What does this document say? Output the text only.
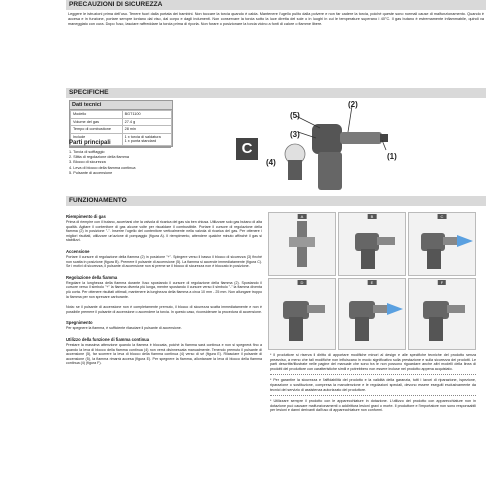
PRECAUZIONI DI SICUREZZA

Leggere le istruzioni prima dell'uso. Tenere fuori dalla portata dei bambini. Non toccare la torcia quando è calda. Mantenere l'ugello pulito dalla polvere e non far cadere la torcia, poiché queste sono normali cause di malfunzionamento. Quando è accesa e in funzione, portare sempre lontano dal viso, dal corpo e dagli indumenti. Non conservare la torcia sotto la luce diretta del sole o in luoghi in cui le temperature superano i 40°C. Il gas butano è estremamente infiammabile, quindi va maneggiato con cura. Dopo l'uso, lasciare raffreddare la torcia prima di riporla. Non forare o posizionare la torcia vicino a fonti di calore o fiamme libere.

SPECIFICHE
Dati tecnici
Modello	BGT1100
Volume del gas	27.4 g
Tempo di combustione	28 min
Include	1 x torcia di saldatura
1 x punta standard
Parti principali
1. Torcia di soffiaggio
2. Slitta di regolazione della fiamma
3. Blocco di sicurezza
4. Leva di blocco della fiamma continua
5. Pulsante di accensione
C
(5)
(2)
(3)
(1)
(4)
FUNZIONAMENTO
Riempimento di gas

Prima di riempire con il butano, accertarsi che la valvola di ricarica del gas sia ben chiusa. Utilizzare solo gas butano di alta qualità. Agitare il contenitore di gas alcune volte per riscaldare il combustibile. Portare il cursore di regolazione della fiamma (2) in posizione "-". Inserire l'ugello del contenitore verticalmente nella valvola di ricarica del gas. Per ottenere i migliori risultati, utilizzare un'azione di pompaggio (figura A). Il riempimento, attendere qualche minuto affinché il gas si stabilizzi.

Accensione

Portare il cursore di regolazione della fiamma (2) in posizione "+". Spingere verso il basso il blocco di sicurezza (3) finché non scatta in posizione (figura B). Premere il pulsante di accensione (5). La fiamma si accende immediatamente (figura C). Se i motivi di sicurezza, il pulsante di accensione non si preme se il blocco di sicurezza non è bloccato in posizione.

Regolazione della fiamma

Regolare la lunghezza della fiamma durante l'uso spostando il cursore di regolazione della fiamma (2). Spostando il cursore verso il simbolo "+" la fiamma diventa più lunga, mentre spostando il cursore verso il simbolo "-" la fiamma diventa più corta. Per ottenere risultati ottimali, mantenere la lunghezza della fiamma a circa 10 mm - 25 mm. Non allungare troppo la fiamma per non sprecare carburante.

Nota: se il pulsante di accensione non è completamente premuto, il blocco di sicurezza scatta immediatamente e non è possibile premere il pulsante di accensione o accendere la torcia. In questo caso, riconsiderare la procedura di accensione.

Spegnimento

Per spegnere la fiamma, è sufficiente rilasciare il pulsante di accensione.

Utilizzo della funzione di fiamma continua

Prestare la massima attenzione quando la fiamma è bloccata, poiché la fiamma sarà continua e non si spegnerà fino a quando la leva di blocco della fiamma continua (4) non verrà disinnescata manualmente. Tenendo premuto il pulsante di accensione (5), far scorrere la leva di blocco della fiamma continua (4) verso di sé (figura E). Rilasciare il pulsante di accensione (5), la fiamma rimarrà accesa (figura E). Per spegnere la fiamma, allontanare la leva di blocco della fiamma continua (4) (figura F).

A	B	C
D	E	F

* Il produttore si riserva il diritto di apportare modifiche minori al design e alle specifiche tecniche del prodotto senza preavviso, a meno che tali modifiche non influiscano in modo significativo sulla prestazione e sulla sicurezza dei prodotti. Le parti descritte/illustrate nelle pagine del manuale che sono tra le non possono riguardare anche altri modelli della linea di prodotti del produttore con caratteristiche simili e potrebbero non essere incluse nel prodotto appena acquistato.

* Per garantire la sicurezza e l'affidabilità del prodotto e la validità della garanzia, tutti i lavori di riparazione, ispezione, riparazione o sostituzione, compresa la manutenzione e le regolazioni speciali, devono essere eseguiti esclusivamente da tecnici del servizio di assistenza autorizzato del produttore.

* Utilizzare sempre il prodotto con le apparecchiature in dotazione. L'utilizzo del prodotto con apparecchiature non in dotazione può causare malfunzionamenti o addirittura lesioni gravi o morte. Il produttore e l'importatore non sono responsabili per lesioni e danni derivanti dall'uso di apparecchiature non conformi.
